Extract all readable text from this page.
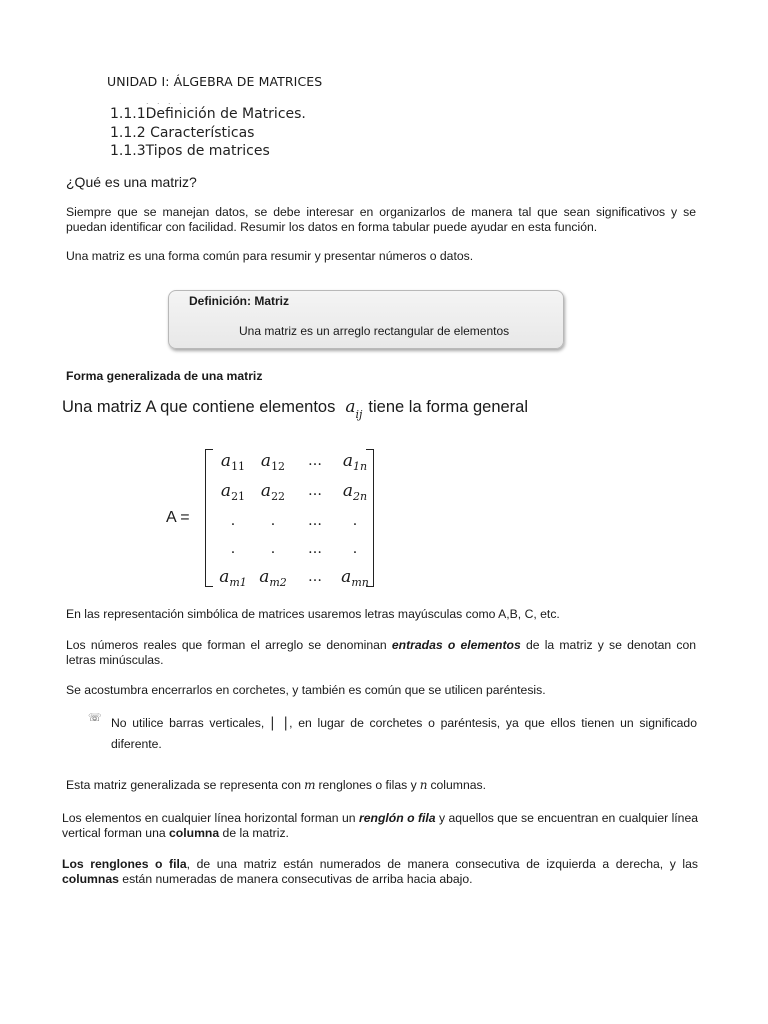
UNIDAD I: ÁLGEBRA DE MATRICES
. . . .
1.1.1Definición de Matrices.
1.1.2 Características
1.1.3Tipos de matrices
¿Qué es una matriz?
Siempre que se manejan datos, se debe interesar en organizarlos de manera tal que sean significativos y se puedan identificar con facilidad. Resumir los datos en forma tabular puede ayudar en esta función.
Una matriz es una forma común para resumir y presentar números o datos.
Definición: Matriz
Una matriz es un arreglo rectangular de elementos
Forma generalizada de una matriz
Una matriz A que contiene elementos $a_{ij}$ tiene la forma general
A =
$a_{11}$ $a_{12}$	…	$a_{1n}$
$a_{21}$ $a_{22}$	…	$a_{2n}$
.	.	…	.
.	.	…	.
$a_{m1}$ $a_{m2}$	…	$a_{mn}$
En las representación simbólica de matrices usaremos letras mayúsculas como A,B, C, etc.
Los números reales que forman el arreglo se denominan entradas o elementos de la matriz y se denotan con letras minúsculas.
Se acostumbra encerrarlos en corchetes, y también es común que se utilicen paréntesis.
☏ No utilice barras verticales, | |, en lugar de corchetes o paréntesis, ya que ellos tienen un significado diferente.
Esta matriz generalizada se representa con m renglones o filas y n columnas.
Los elementos en cualquier línea horizontal forman un renglón o fila y aquellos que se encuentran en cualquier línea vertical forman una columna de la matriz.
Los renglones o fila, de una matriz están numerados de manera consecutiva de izquierda a derecha, y las columnas están numeradas de manera consecutivas de arriba hacia abajo.
